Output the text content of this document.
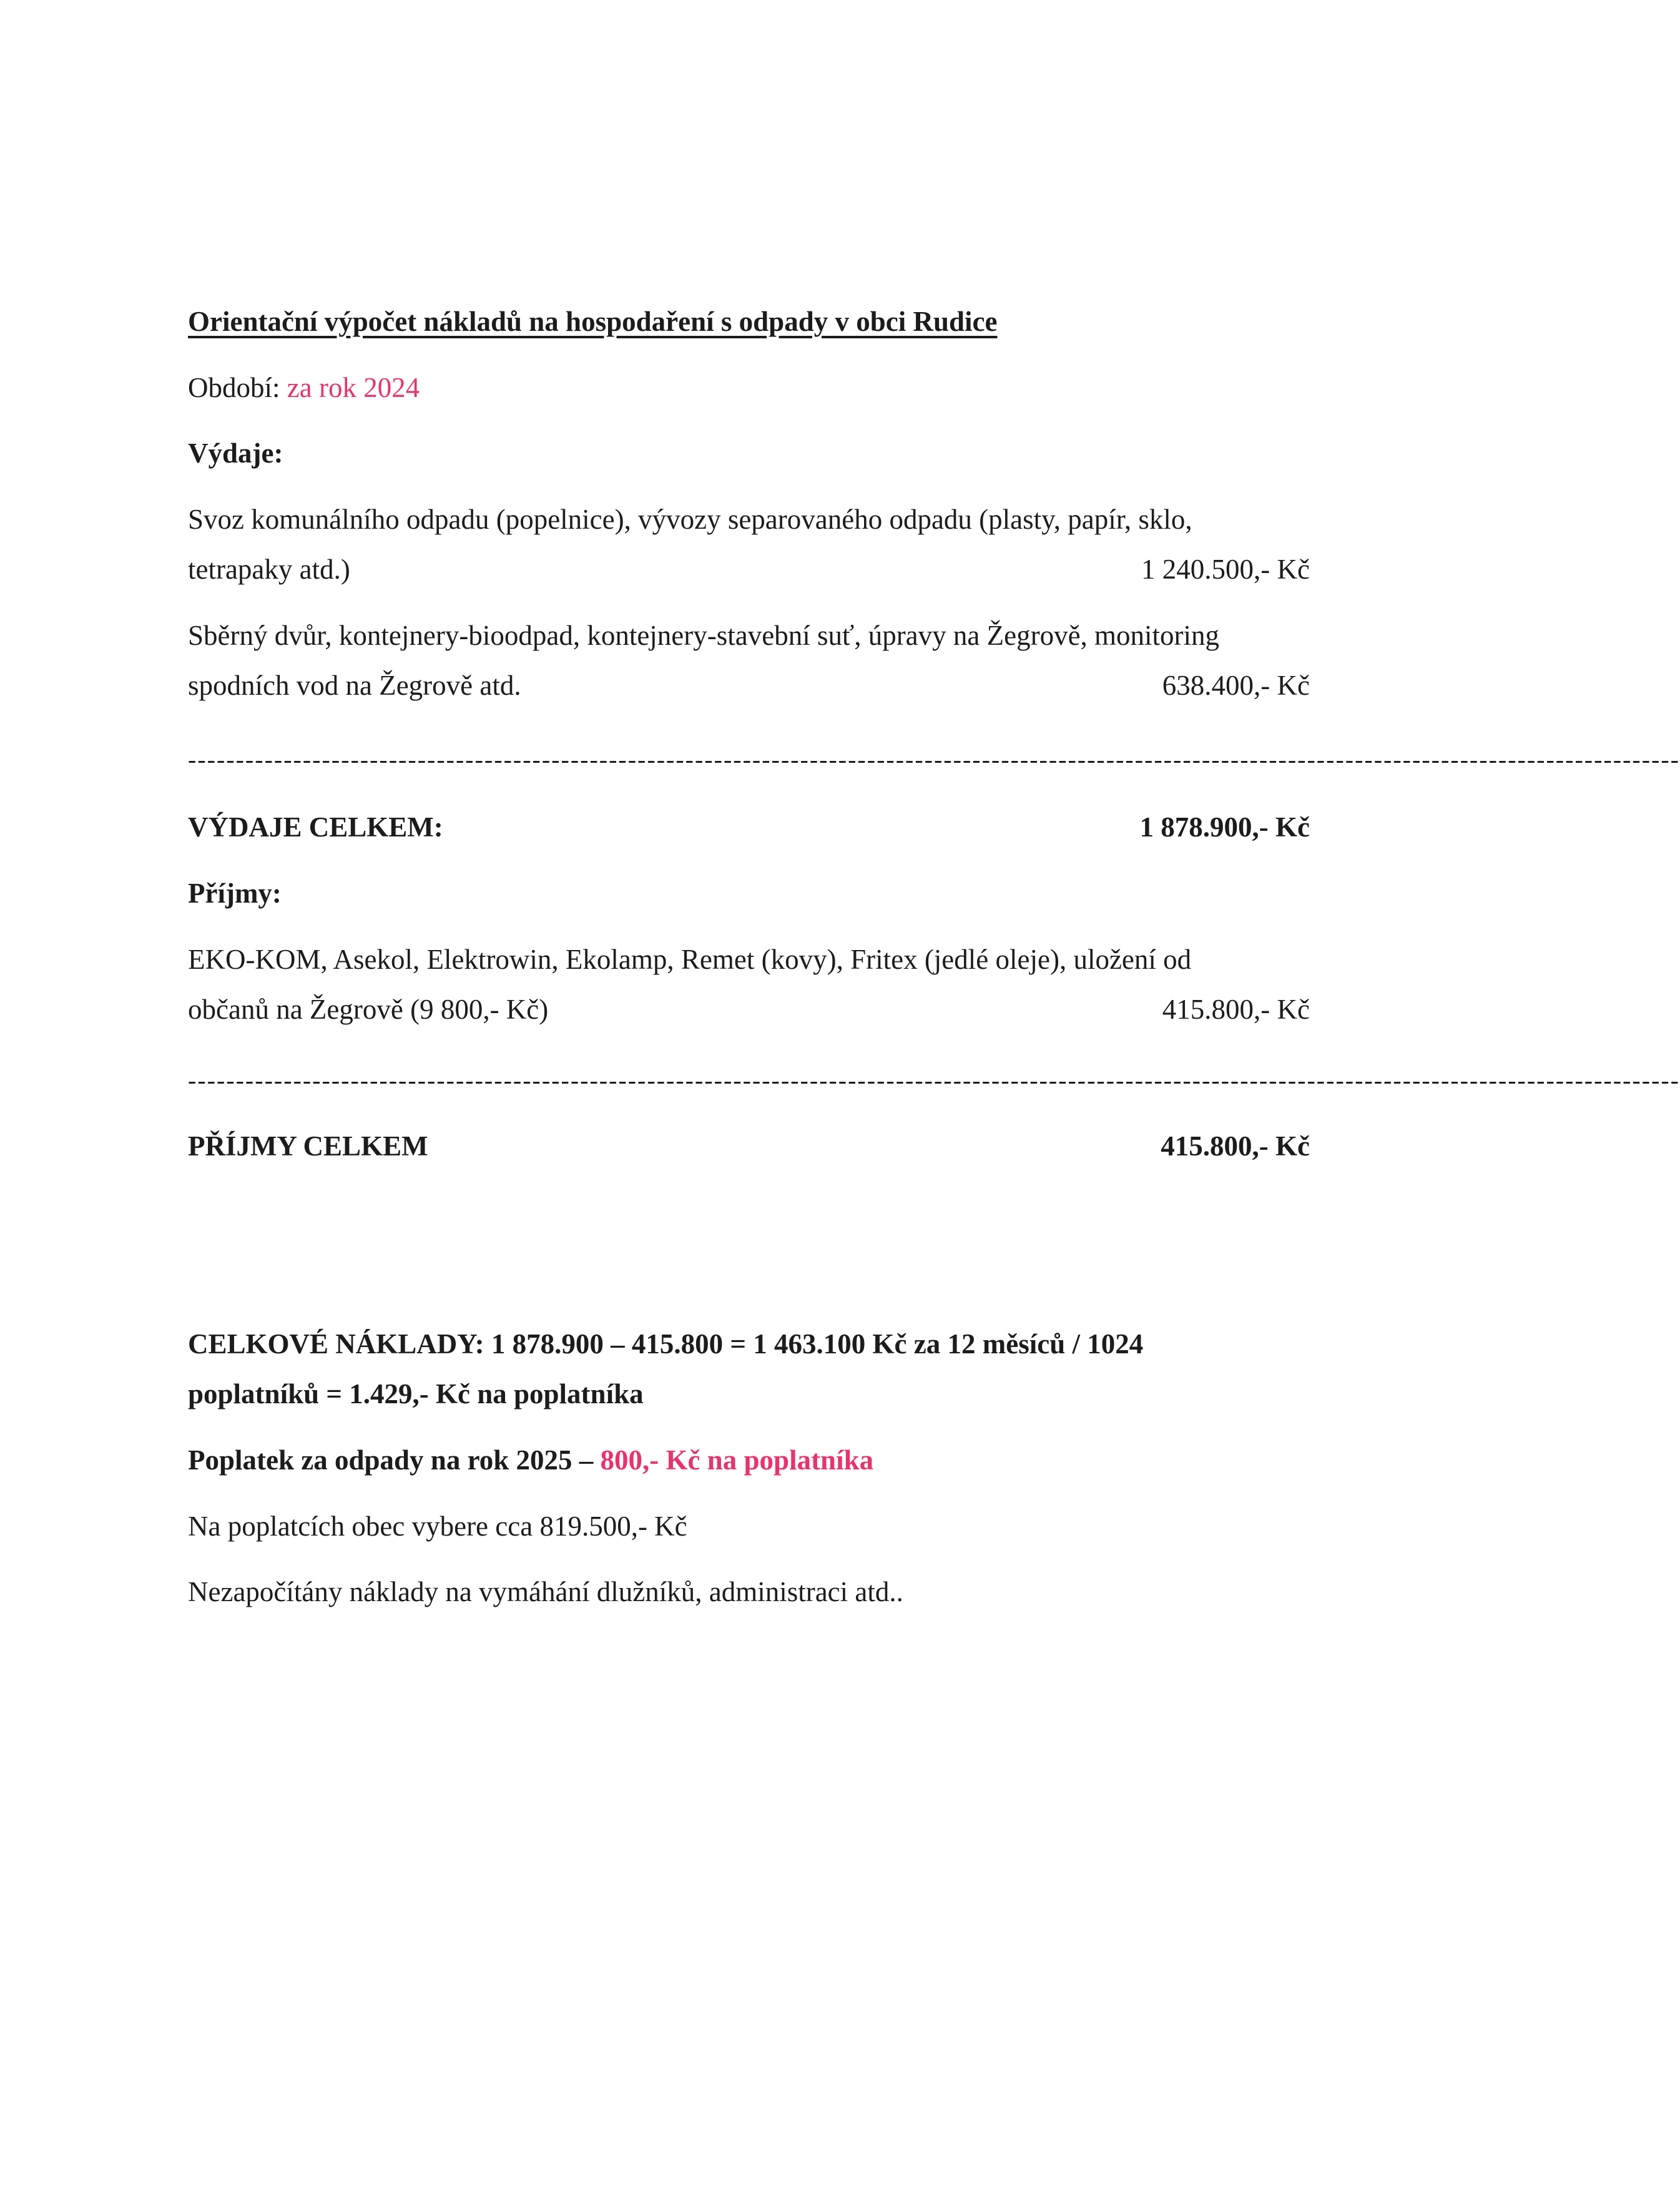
Orientační výpočet nákladů na hospodaření s odpady v obci Rudice
Období: za rok 2024
Výdaje:
Svoz komunálního odpadu (popelnice), vývozy separovaného odpadu (plasty, papír, sklo,
tetrapaky atd.)	1 240.500,- Kč
Sběrný dvůr, kontejnery-bioodpad, kontejnery-stavební suť, úpravy na Žegrově, monitoring
spodních vod na Žegrově atd.	638.400,- Kč
------------------------------------------------------------------------------------------------------------------------------------------------------------
VÝDAJE CELKEM:	1 878.900,- Kč
Příjmy:
EKO-KOM, Asekol, Elektrowin, Ekolamp, Remet (kovy), Fritex (jedlé oleje), uložení od
občanů na Žegrově (9 800,- Kč)	415.800,- Kč
------------------------------------------------------------------------------------------------------------------------------------------------------------
PŘÍJMY CELKEM	415.800,- Kč
CELKOVÉ NÁKLADY: 1 878.900 – 415.800 = 1 463.100 Kč za 12 měsíců / 1024
poplatníků = 1.429,- Kč na poplatníka
Poplatek za odpady na rok 2025 – 800,- Kč na poplatníka
Na poplatcích obec vybere cca 819.500,- Kč
Nezapočítány náklady na vymáhání dlužníků, administraci atd..
